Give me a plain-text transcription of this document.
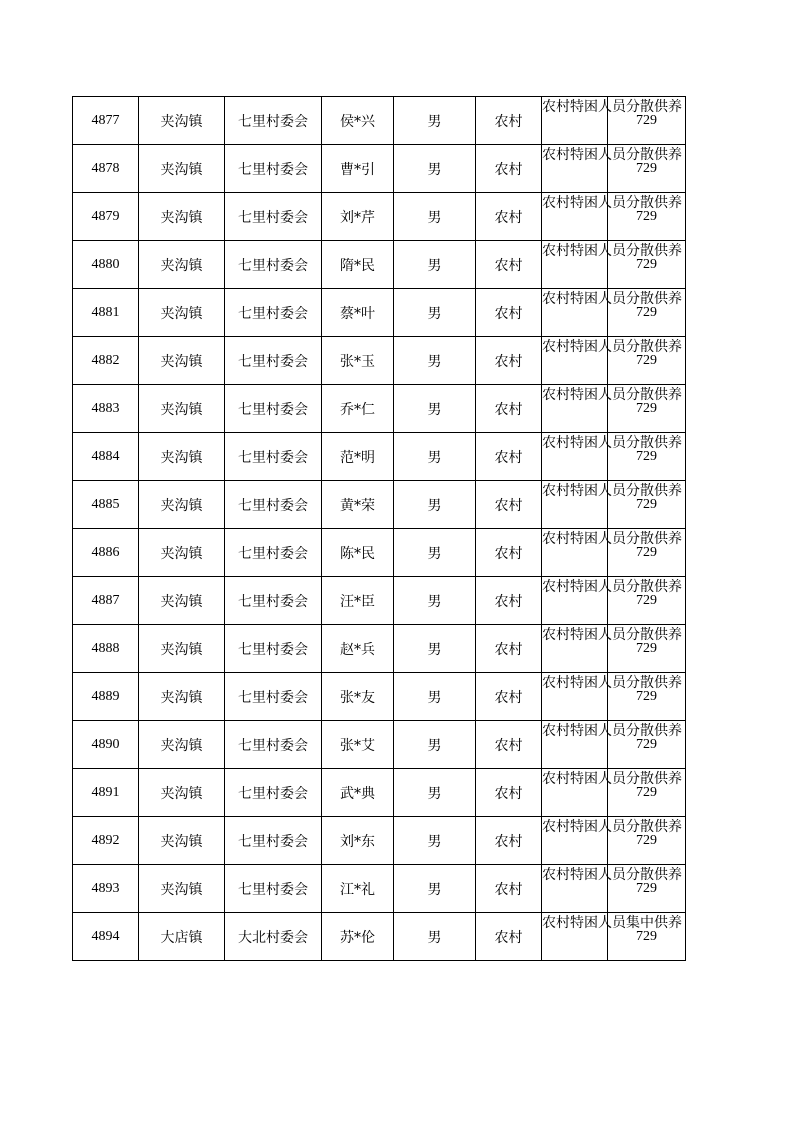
4877	夹沟镇	七里村委会	侯*兴	男	农村	农村特困人员分散供养	729
4878	夹沟镇	七里村委会	曹*引	男	农村	农村特困人员分散供养	729
4879	夹沟镇	七里村委会	刘*芹	男	农村	农村特困人员分散供养	729
4880	夹沟镇	七里村委会	隋*民	男	农村	农村特困人员分散供养	729
4881	夹沟镇	七里村委会	蔡*叶	男	农村	农村特困人员分散供养	729
4882	夹沟镇	七里村委会	张*玉	男	农村	农村特困人员分散供养	729
4883	夹沟镇	七里村委会	乔*仁	男	农村	农村特困人员分散供养	729
4884	夹沟镇	七里村委会	范*明	男	农村	农村特困人员分散供养	729
4885	夹沟镇	七里村委会	黄*荣	男	农村	农村特困人员分散供养	729
4886	夹沟镇	七里村委会	陈*民	男	农村	农村特困人员分散供养	729
4887	夹沟镇	七里村委会	汪*臣	男	农村	农村特困人员分散供养	729
4888	夹沟镇	七里村委会	赵*兵	男	农村	农村特困人员分散供养	729
4889	夹沟镇	七里村委会	张*友	男	农村	农村特困人员分散供养	729
4890	夹沟镇	七里村委会	张*艾	男	农村	农村特困人员分散供养	729
4891	夹沟镇	七里村委会	武*典	男	农村	农村特困人员分散供养	729
4892	夹沟镇	七里村委会	刘*东	男	农村	农村特困人员分散供养	729
4893	夹沟镇	七里村委会	江*礼	男	农村	农村特困人员分散供养	729
4894	大店镇	大北村委会	苏*伦	男	农村	农村特困人员集中供养	729
